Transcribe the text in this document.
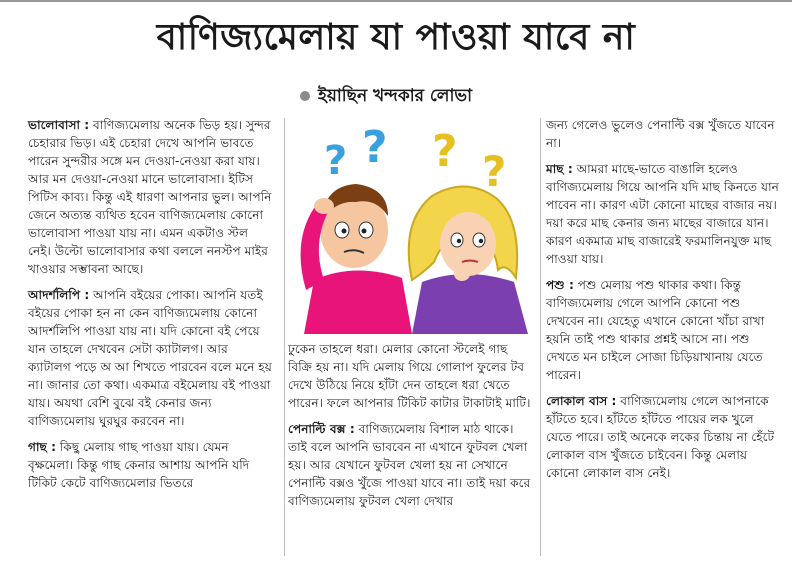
বাণিজ্যমেলায় যা পাওয়া যাবে না
ইয়াছিন খন্দকার লোভা

ভালোবাসা : বাণিজ্যমেলায় অনেক ভিড় হয়। সুন্দর চেহারার ভিড়। এই চেহারা দেখে আপনি ভাবতে পারেন সুন্দরীর সঙ্গে মন দেওয়া-নেওয়া করা যায়। আর মন দেওয়া-নেওয়া মানে ভালোবাসা। ইটিস পিটিস কাব্য। কিন্তু এই ধারণা আপনার ভুল। আপনি জেনে অত্যন্ত ব্যথিত হবেন বাণিজ্যমেলায় কোনো ভালোবাসা পাওয়া যায় না। এমন একটাও স্টল নেই। উল্টো ভালোবাসার কথা বললে ননস্টপ মাইর খাওয়ার সম্ভাবনা আছে।

আদর্শলিপি : আপনি বইয়ের পোকা। আপনি যতই বইয়ের পোকা হন না কেন বাণিজ্যমেলায় কোনো আদর্শলিপি পাওয়া যায় না। যদি কোনো বই পেয়ে যান তাহলে দেখবেন সেটা ক্যাটালগ। আর ক্যাটালগ পড়ে অ আ শিখতে পারবেন বলে মনে হয় না। জানার তো কথা। একমাত্র বইমেলায় বই পাওয়া যায়। অযথা বেশি বুঝে বই কেনার জন্য বাণিজ্যমেলায় ঘুরঘুর করবেন না।

গাছ : কিছু মেলায় গাছ পাওয়া যায়। যেমন বৃক্ষমেলা। কিন্তু গাছ কেনার আশায় আপনি যদি টিকিট কেটে বাণিজ্যমেলার ভিতরে

? ? ? ?

ঢুকেন তাহলে ধরা। মেলার কোনো স্টলেই গাছ বিক্রি হয় না। যদি মেলায় গিয়ে গোলাপ ফুলের টব দেখে উঠিয়ে নিয়ে হাঁটা দেন তাহলে ধরা খেতে পারেন। ফলে আপনার টিকিট কাটার টাকাটাই মাটি।

পেনাল্টি বক্স : বাণিজ্যমেলায় বিশাল মাঠ থাকে। তাই বলে আপনি ভাববেন না এখানে ফুটবল খেলা হয়। আর যেখানে ফুটবল খেলা হয় না সেখানে পেনাল্টি বক্সও খুঁজে পাওয়া যাবে না। তাই দয়া করে বাণিজ্যমেলায় ফুটবল খেলা দেখার

জন্য গেলেও ভুলেও পেনাল্টি বক্স খুঁজতে যাবেন না।

মাছ : আমরা মাছে-ভাতে বাঙালি হলেও বাণিজ্যমেলায় গিয়ে আপনি যদি মাছ কিনতে যান পাবেন না। কারণ এটা কোনো মাছের বাজার নয়। দয়া করে মাছ কেনার জন্য মাছের বাজারে যান। কারণ একমাত্র মাছ বাজারেই ফরমালিনযুক্ত মাছ পাওয়া যায়।

পশু : পশু মেলায় পশু থাকার কথা। কিন্তু বাণিজ্যমেলায় গেলে আপনি কোনো পশু দেখবেন না। যেহেতু এখানে কোনো খাঁচা রাখা হয়নি তাই পশু থাকার প্রশ্নই আসে না। পশু দেখতে মন চাইলে সোজা চিড়িয়াখানায় যেতে পারেন।

লোকাল বাস : বাণিজ্যমেলায় গেলে আপনাকে হাঁটতে হবে। হাঁটতে হাঁটতে পায়ের লক খুলে যেতে পারে। তাই অনেকে লকের চিন্তায় না হেঁটে লোকাল বাস খুঁজতে চাইবেন। কিন্তু মেলায় কোনো লোকাল বাস নেই।
